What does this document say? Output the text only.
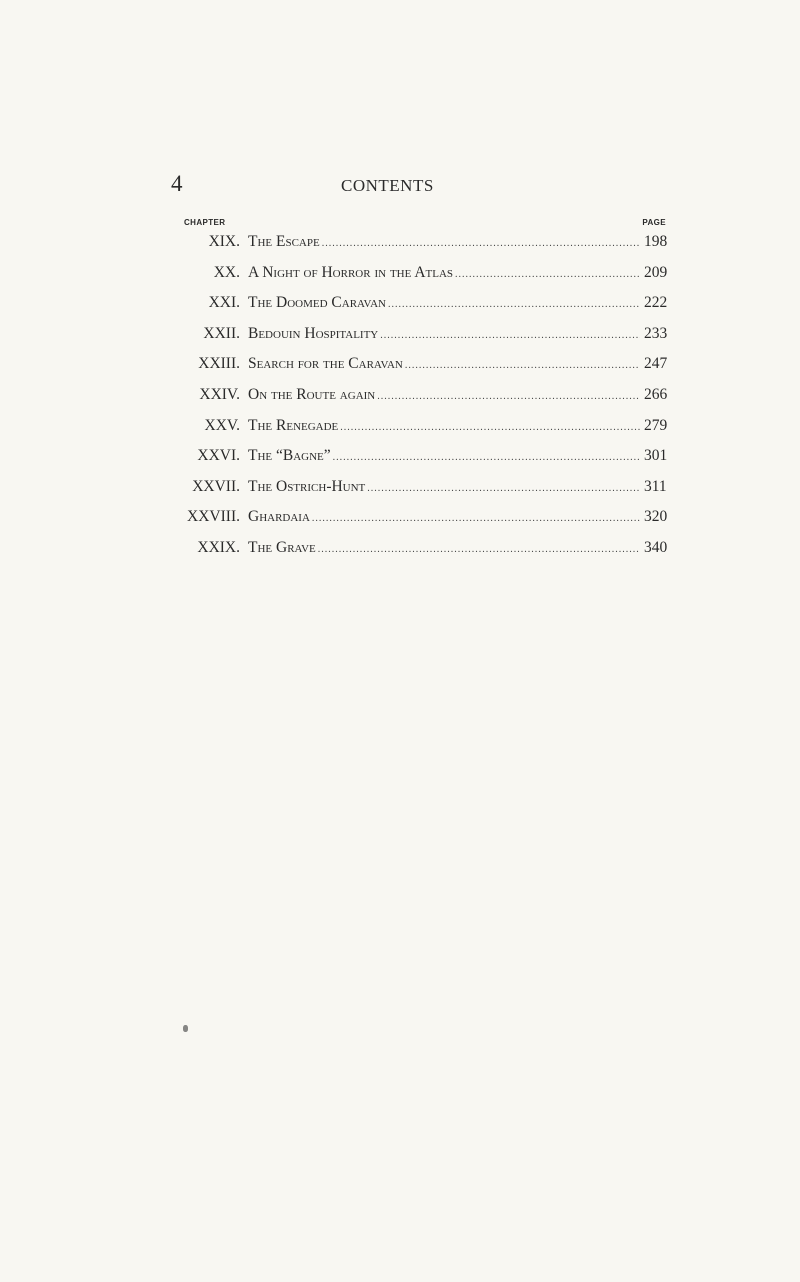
4	CONTENTS
CHAPTER	PAGE
XIX. The Escape .....	198
XX. A Night of Horror in the Atlas .....	209
XXI. The Doomed Caravan .....	222
XXII. Bedouin Hospitality .....	233
XXIII. Search for the Caravan .....	247
XXIV. On the Route again .....	266
XXV. The Renegade .....	279
XXVI. The “Bagne” .....	301
XXVII. The Ostrich-Hunt .....	311
XXVIII. Ghardaia .....	320
XXIX. The Grave .....	340
